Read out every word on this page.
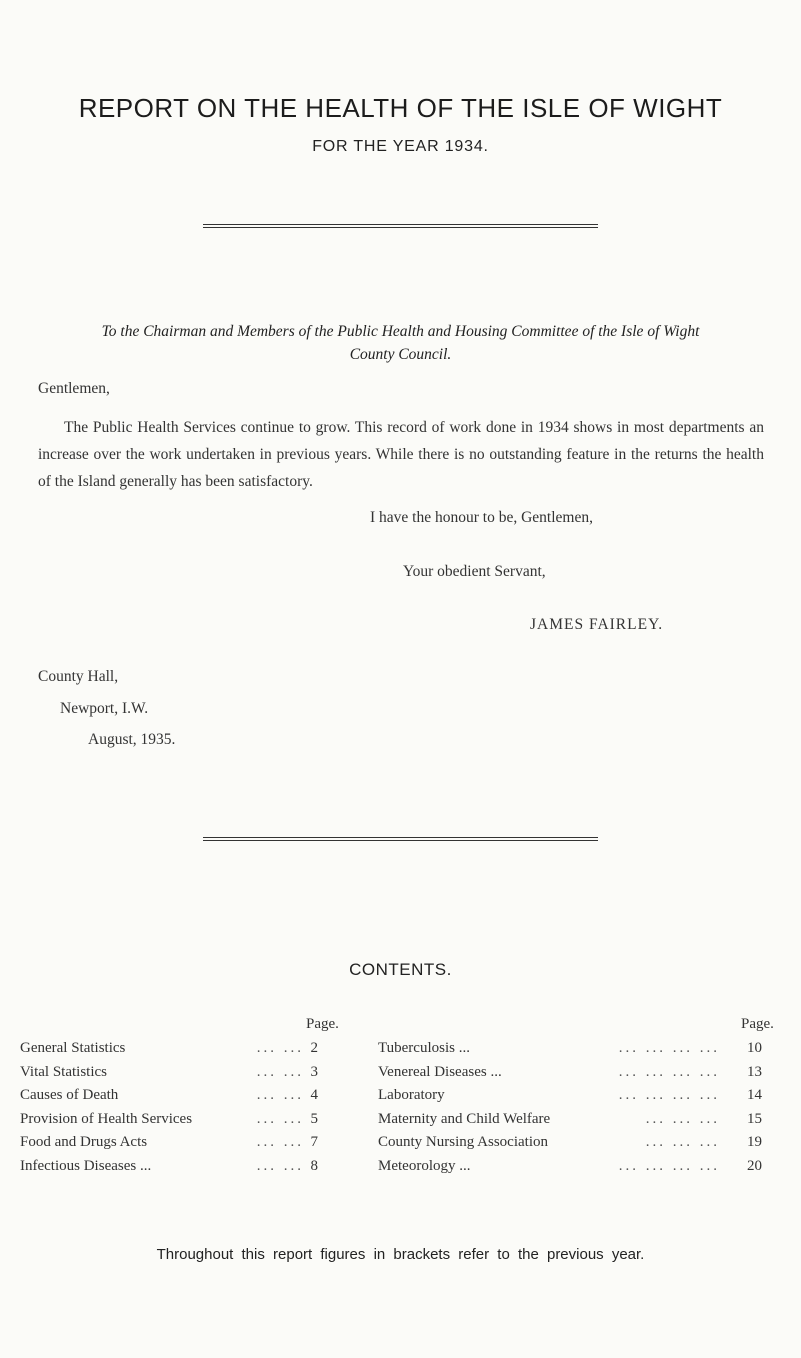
REPORT ON THE HEALTH OF THE ISLE OF WIGHT
FOR THE YEAR 1934.
To the Chairman and Members of the Public Health and Housing Committee of the Isle of Wight
County Council.
Gentlemen,
The Public Health Services continue to grow. This record of work done in 1934 shows in most departments an increase over the work undertaken in previous years. While there is no outstanding feature in the returns the health of the Island generally has been satisfactory.
I have the honour to be, Gentlemen,
Your obedient Servant,
JAMES FAIRLEY.
County Hall,
Newport, I.W.
August, 1935.
CONTENTS.
Page.	Page.
General Statistics	2
... ...
Vital Statistics	3
... ...
Causes of Death	4
... ...
Provision of Health Services	5
... ...
Food and Drugs Acts	7
... ...
Infectious Diseases ...	8
... ...
Tuberculosis ...	10
... ... ... ...
Venereal Diseases ...	13
... ... ... ...
Laboratory	14
... ... ... ...
Maternity and Child Welfare	15
... ... ...
County Nursing Association	19
... ... ...
Meteorology ...	20
... ... ... ...
Throughout this report figures in brackets refer to the previous year.
